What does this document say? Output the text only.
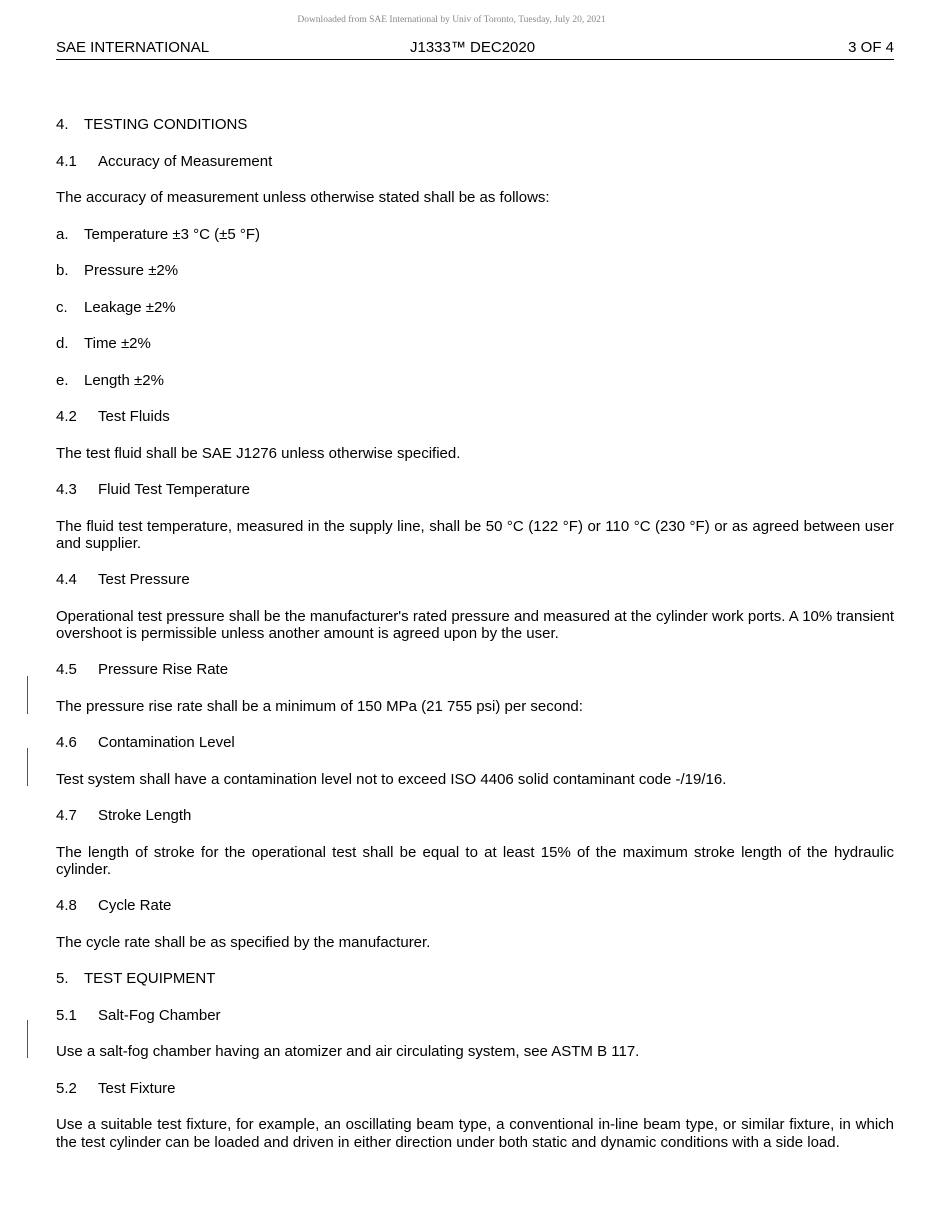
Downloaded from SAE International by Univ of Toronto, Tuesday, July 20, 2021
SAE INTERNATIONAL	J1333™ DEC2020	3 OF 4
4. TESTING CONDITIONS
4.1 Accuracy of Measurement
The accuracy of measurement unless otherwise stated shall be as follows:
a. Temperature ±3 °C (±5 °F)
b. Pressure ±2%
c. Leakage ±2%
d. Time ±2%
e. Length ±2%
4.2 Test Fluids
The test fluid shall be SAE J1276 unless otherwise specified.
4.3 Fluid Test Temperature
The fluid test temperature, measured in the supply line, shall be 50 °C (122 °F) or 110 °C (230 °F) or as agreed between user and supplier.
4.4 Test Pressure
Operational test pressure shall be the manufacturer's rated pressure and measured at the cylinder work ports. A 10% transient overshoot is permissible unless another amount is agreed upon by the user.
4.5 Pressure Rise Rate
The pressure rise rate shall be a minimum of 150 MPa (21 755 psi) per second:
4.6 Contamination Level
Test system shall have a contamination level not to exceed ISO 4406 solid contaminant code -/19/16.
4.7 Stroke Length
The length of stroke for the operational test shall be equal to at least 15% of the maximum stroke length of the hydraulic cylinder.
4.8 Cycle Rate
The cycle rate shall be as specified by the manufacturer.
5. TEST EQUIPMENT
5.1 Salt-Fog Chamber
Use a salt-fog chamber having an atomizer and air circulating system, see ASTM B 117.
5.2 Test Fixture
Use a suitable test fixture, for example, an oscillating beam type, a conventional in-line beam type, or similar fixture, in which the test cylinder can be loaded and driven in either direction under both static and dynamic conditions with a side load.
